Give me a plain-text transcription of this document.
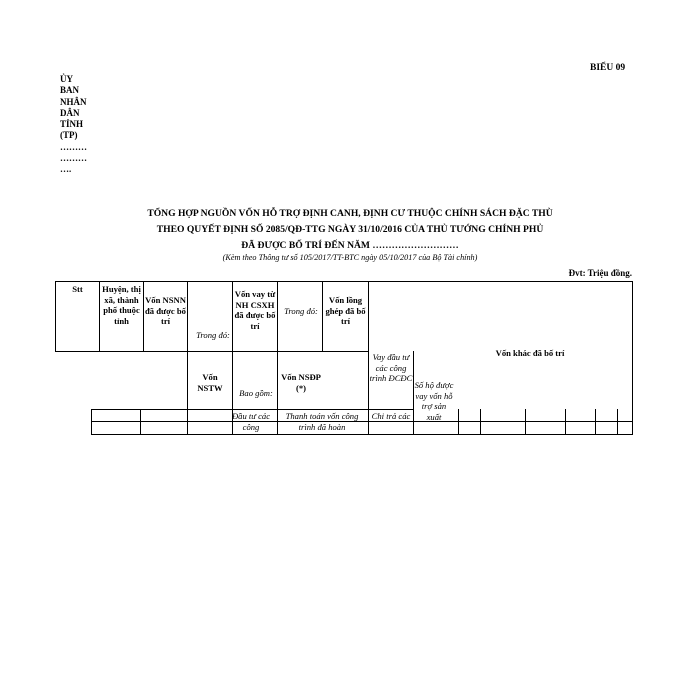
BIỂU 09
ỦY
BAN
NHÂN
DÂN
TỈNH
(TP)
………
………
….
TỔNG HỢP NGUỒN VỐN HỖ TRỢ ĐỊNH CANH, ĐỊNH CƯ THUỘC CHÍNH SÁCH ĐẶC THÙ
THEO QUYẾT ĐỊNH SỐ 2085/QĐ-TTG NGÀY 31/10/2016 CỦA THỦ TƯỚNG CHÍNH PHỦ
ĐÃ ĐƯỢC BỐ TRÍ ĐẾN NĂM ………………………
(Kèm theo Thông tư số 105/2017/TT-BTC ngày 05/10/2017 của Bộ Tài chính)
Đvt: Triệu đồng.
Stt	Huyện, thị xã, thành phố thuộc tỉnh
Vốn NSNN đã được bố trí
Trong đó:
Vốn vay từ NH CSXH đã được bố trí
Trong đó:
Vốn lồng ghép đã bố trí
Vốn khác đã bố trí
Vốn NSTW
Bao gồm:
Vốn NSĐP (*)
Vay đầu tư các công trình ĐCĐC
Số hộ được vay vốn hỗ trợ sản xuất
Đầu tư các công
Thanh toán vốn công trình đã hoàn
Chi trả các
